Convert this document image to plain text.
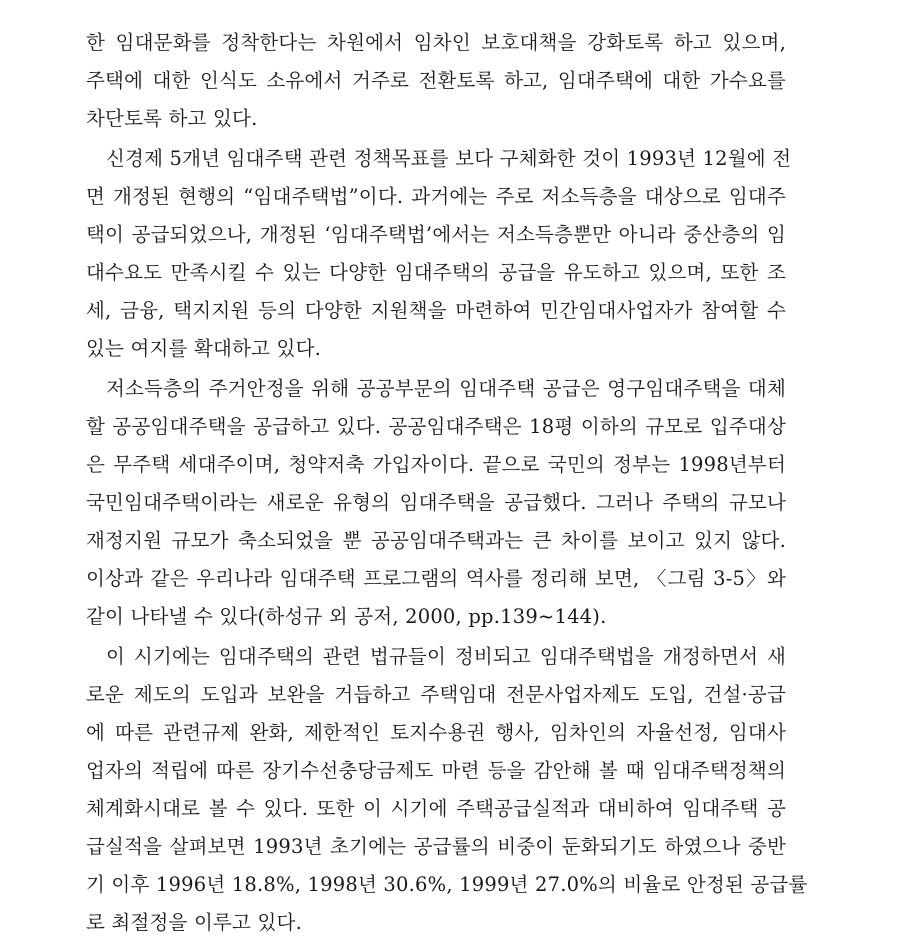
한 임대문화를 정착한다는 차원에서 임차인 보호대책을 강화토록 하고 있으며,
주택에 대한 인식도 소유에서 거주로 전환토록 하고, 임대주택에 대한 가수요를
차단토록 하고 있다.
신경제 5개년 임대주택 관련 정책목표를 보다 구체화한 것이 1993년 12월에 전
면 개정된 현행의 “임대주택법”이다. 과거에는 주로 저소득층을 대상으로 임대주
택이 공급되었으나, 개정된 ‘임대주택법’에서는 저소득층뿐만 아니라 중산층의 임
대수요도 만족시킬 수 있는 다양한 임대주택의 공급을 유도하고 있으며, 또한 조
세, 금융, 택지지원 등의 다양한 지원책을 마련하여 민간임대사업자가 참여할 수
있는 여지를 확대하고 있다.
저소득층의 주거안정을 위해 공공부문의 임대주택 공급은 영구임대주택을 대체
할 공공임대주택을 공급하고 있다. 공공임대주택은 18평 이하의 규모로 입주대상
은 무주택 세대주이며, 청약저축 가입자이다. 끝으로 국민의 정부는 1998년부터
국민임대주택이라는 새로운 유형의 임대주택을 공급했다. 그러나 주택의 규모나
재정지원 규모가 축소되었을 뿐 공공임대주택과는 큰 차이를 보이고 있지 않다.
이상과 같은 우리나라 임대주택 프로그램의 역사를 정리해 보면, 〈그림 3-5〉와
같이 나타낼 수 있다(하성규 외 공저, 2000, pp.139~144).
이 시기에는 임대주택의 관련 법규들이 정비되고 임대주택법을 개정하면서 새
로운 제도의 도입과 보완을 거듭하고 주택임대 전문사업자제도 도입, 건설·공급
에 따른 관련규제 완화, 제한적인 토지수용권 행사, 임차인의 자율선정, 임대사
업자의 적립에 따른 장기수선충당금제도 마련 등을 감안해 볼 때 임대주택정책의
체계화시대로 볼 수 있다. 또한 이 시기에 주택공급실적과 대비하여 임대주택 공
급실적을 살펴보면 1993년 초기에는 공급률의 비중이 둔화되기도 하였으나 중반
기 이후 1996년 18.8%, 1998년 30.6%, 1999년 27.0%의 비율로 안정된 공급률
로 최절정을 이루고 있다.
